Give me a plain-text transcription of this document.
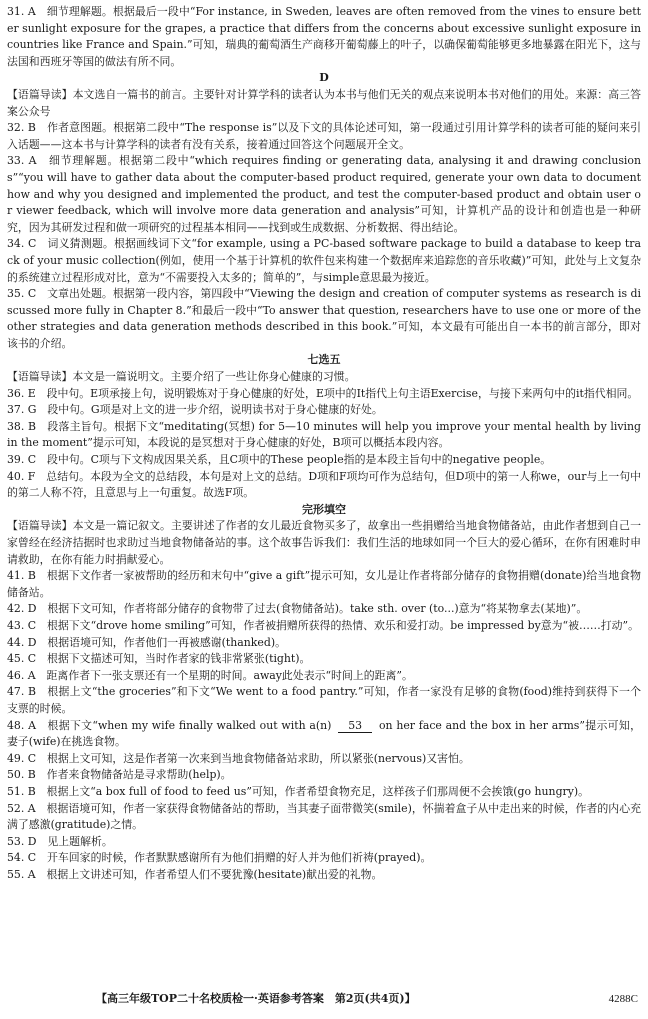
31. A　细节理解题。根据最后一段中“For instance, in Sweden, leaves are often removed from the vines to ensure better sunlight exposure for the grapes, a practice that differs from the concerns about excessive sunlight exposure in countries like France and Spain.”可知，瑞典的葡萄酒生产商移开葡萄藤上的叶子，以确保葡萄能够更多地暴露在阳光下，这与法国和西班牙等国的做法有所不同。

D

【语篇导读】本文选自一篇书的前言。主要针对计算学科的读者认为本书与他们无关的观点来说明本书对他们的用处。来源：高三答案公众号

32. B　作者意图题。根据第二段中“The response is”以及下文的具体论述可知，第一段通过引用计算学科的读者可能的疑问来引入话题——这本书与计算学科的读者有没有关系，接着通过回答这个问题展开全文。

33. A　细节理解题。根据第二段中“which requires finding or generating data, analysing it and drawing conclusions”“you will have to gather data about the computer-based product required, generate your own data to document how and why you designed and implemented the product, and test the computer-based product and obtain user or viewer feedback, which will involve more data generation and analysis”可知，计算机产品的设计和创造也是一种研究，因为其研发过程和做一项研究的过程基本相同——找到或生成数据、分析数据、得出结论。

34. C　词义猜测题。根据画线词下文“for example, using a PC-based software package to build a database to keep track of your music collection(例如，使用一个基于计算机的软件包来构建一个数据库来追踪您的音乐收藏)”可知，此处与上文复杂的系统建立过程形成对比，意为“不需要投入太多的；简单的”，与simple意思最为接近。

35. C　文章出处题。根据第一段内容，第四段中“Viewing the design and creation of computer systems as research is discussed more fully in Chapter 8.”和最后一段中“To answer that question, researchers have to use one or more of the other strategies and data generation methods described in this book.”可知，本文最有可能出自一本书的前言部分，即对该书的介绍。

七选五

【语篇导读】本文是一篇说明文。主要介绍了一些让你身心健康的习惯。

36. E　段中句。E项承接上句，说明锻炼对于身心健康的好处，E项中的It指代上句主语Exercise，与接下来两句中的it指代相同。

37. G　段中句。G项是对上文的进一步介绍，说明读书对于身心健康的好处。

38. B　段落主旨句。根据下文“meditating(冥想) for 5—10 minutes will help you improve your mental health by living in the moment”提示可知，本段说的是冥想对于身心健康的好处，B项可以概括本段内容。

39. C　段中句。C项与下文构成因果关系，且C项中的These people指的是本段主旨句中的negative people。

40. F　总结句。本段为全文的总结段，本句是对上文的总结。D项和F项均可作为总结句，但D项中的第一人称we，our与上一句中的第二人称不符，且意思与上一句重复。故选F项。

完形填空

【语篇导读】本文是一篇记叙文。主要讲述了作者的女儿最近食物买多了，故拿出一些捐赠给当地食物储备站，由此作者想到自己一家曾经在经济拮据时也求助过当地食物储备站的事。这个故事告诉我们：我们生活的地球如同一个巨大的爱心循环，在你有困难时申请救助，在你有能力时捐献爱心。

41. B　根据下文作者一家被帮助的经历和末句中“give a gift”提示可知，女儿是让作者将部分储存的食物捐赠(donate)给当地食物储备站。

42. D　根据下文可知，作者将部分储存的食物带了过去(食物储备站)。take sth. over (to...)意为“将某物拿去(某地)”。

43. C　根据下文“drove home smiling”可知，作者被捐赠所获得的热情、欢乐和爱打动。be impressed by意为“被……打动”。

44. D　根据语境可知，作者他们一再被感谢(thanked)。

45. C　根据下文描述可知，当时作者家的钱非常紧张(tight)。

46. A　距离作者下一张支票还有一个星期的时间。away此处表示“时间上的距离”。

47. B　根据上文“the groceries”和下文“We went to a food pantry.”可知，作者一家没有足够的食物(food)维持到获得下一个支票的时候。

48. A　根据下文“when my wife finally walked out with a(n) 53 on her face and the box in her arms”提示可知，妻子(wife)在挑选食物。

49. C　根据上文可知，这是作者第一次来到当地食物储备站求助，所以紧张(nervous)又害怕。

50. B　作者来食物储备站是寻求帮助(help)。

51. B　根据上文“a box full of food to feed us”可知，作者希望食物充足，这样孩子们那周便不会挨饿(go hungry)。

52. A　根据语境可知，作者一家获得食物储备站的帮助，当其妻子面带微笑(smile)，怀揣着盒子从中走出来的时候，作者的内心充满了感激(gratitude)之情。

53. D　见上题解析。

54. C　开车回家的时候，作者默默感谢所有为他们捐赠的好人并为他们祈祷(prayed)。

55. A　根据上文讲述可知，作者希望人们不要犹豫(hesitate)献出爱的礼物。

【高三年级TOP二十名校质检一·英语参考答案　第2页(共4页)】	4288C
